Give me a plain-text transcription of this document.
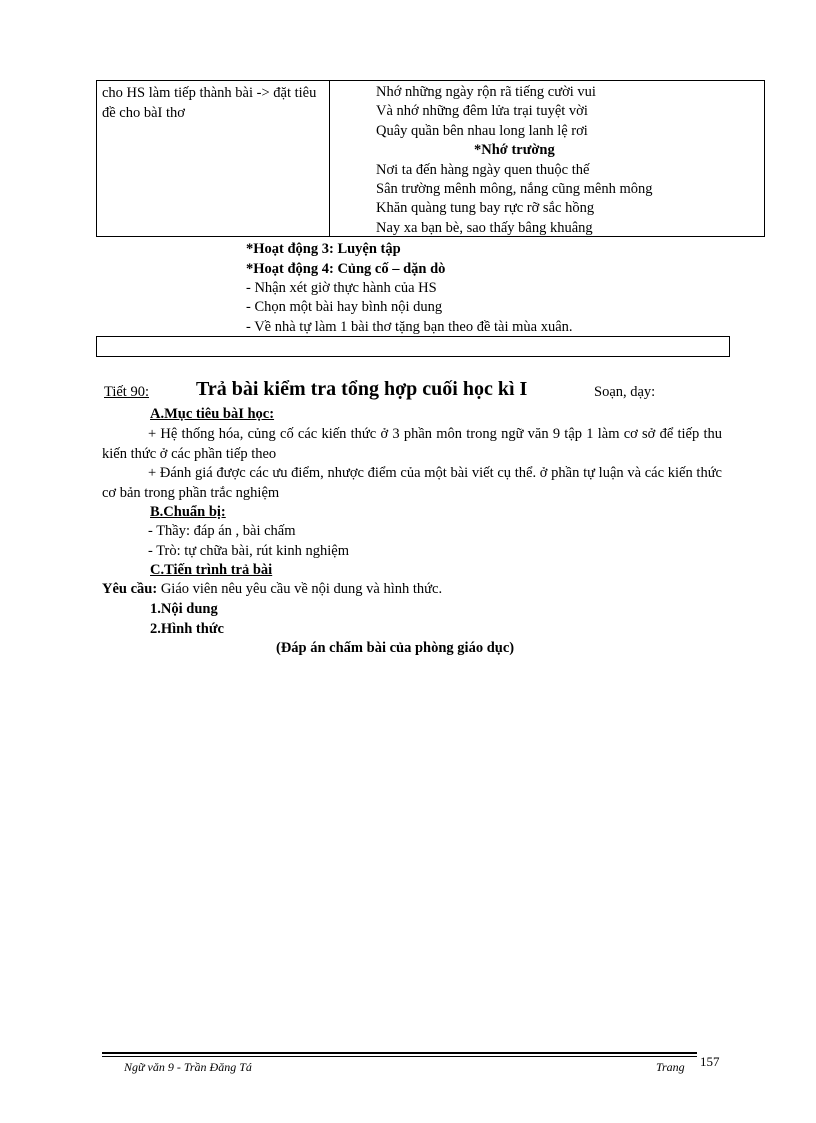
cho HS làm tiếp thành bài -> đặt tiêu đề cho bàI thơ
Nhớ những ngày rộn rã tiếng cười vui
Và nhớ những đêm lửa trại tuyệt vời
Quây quần bên nhau long lanh lệ rơi
*Nhớ trường
Nơi ta đến hàng ngày quen thuộc thế
Sân trường mênh mông, nắng cũng mênh mông
Khăn quàng tung bay rực rỡ sắc hồng
Nay xa bạn bè, sao thấy bâng khuâng
*Hoạt động 3: Luyện tập
*Hoạt động 4: Củng cố – dặn dò
- Nhận xét giờ thực hành của HS
- Chọn một bài hay bình nội dung
- Về nhà tự làm 1 bài thơ tặng bạn theo đề tài mùa xuân.
Tiết 90: Trả bài kiểm tra tổng hợp cuối học kì I	Soạn, dạy:
A.Mục tiêu bàI học:
+ Hệ thống hóa, củng cố các kiến thức ở 3 phần môn trong ngữ văn 9 tập 1 làm cơ sở để tiếp thu kiến thức ở các phần tiếp theo
+ Đánh giá được các ưu điểm, nhược điểm của một bài viết cụ thể. ở phần tự luận và các kiến thức cơ bản trong phần trắc nghiệm
B.Chuẩn bị:
- Thầy: đáp án , bài chấm
- Trò: tự chữa bài, rút kinh nghiệm
C.Tiến trình trả bài
Yêu cầu: Giáo viên nêu yêu cầu về nội dung và hình thức.
1.Nội dung
2.Hình thức
(Đáp án chấm bài của phòng giáo dục)
Ngữ văn 9 - Trần Đăng Tá	Trang 157
